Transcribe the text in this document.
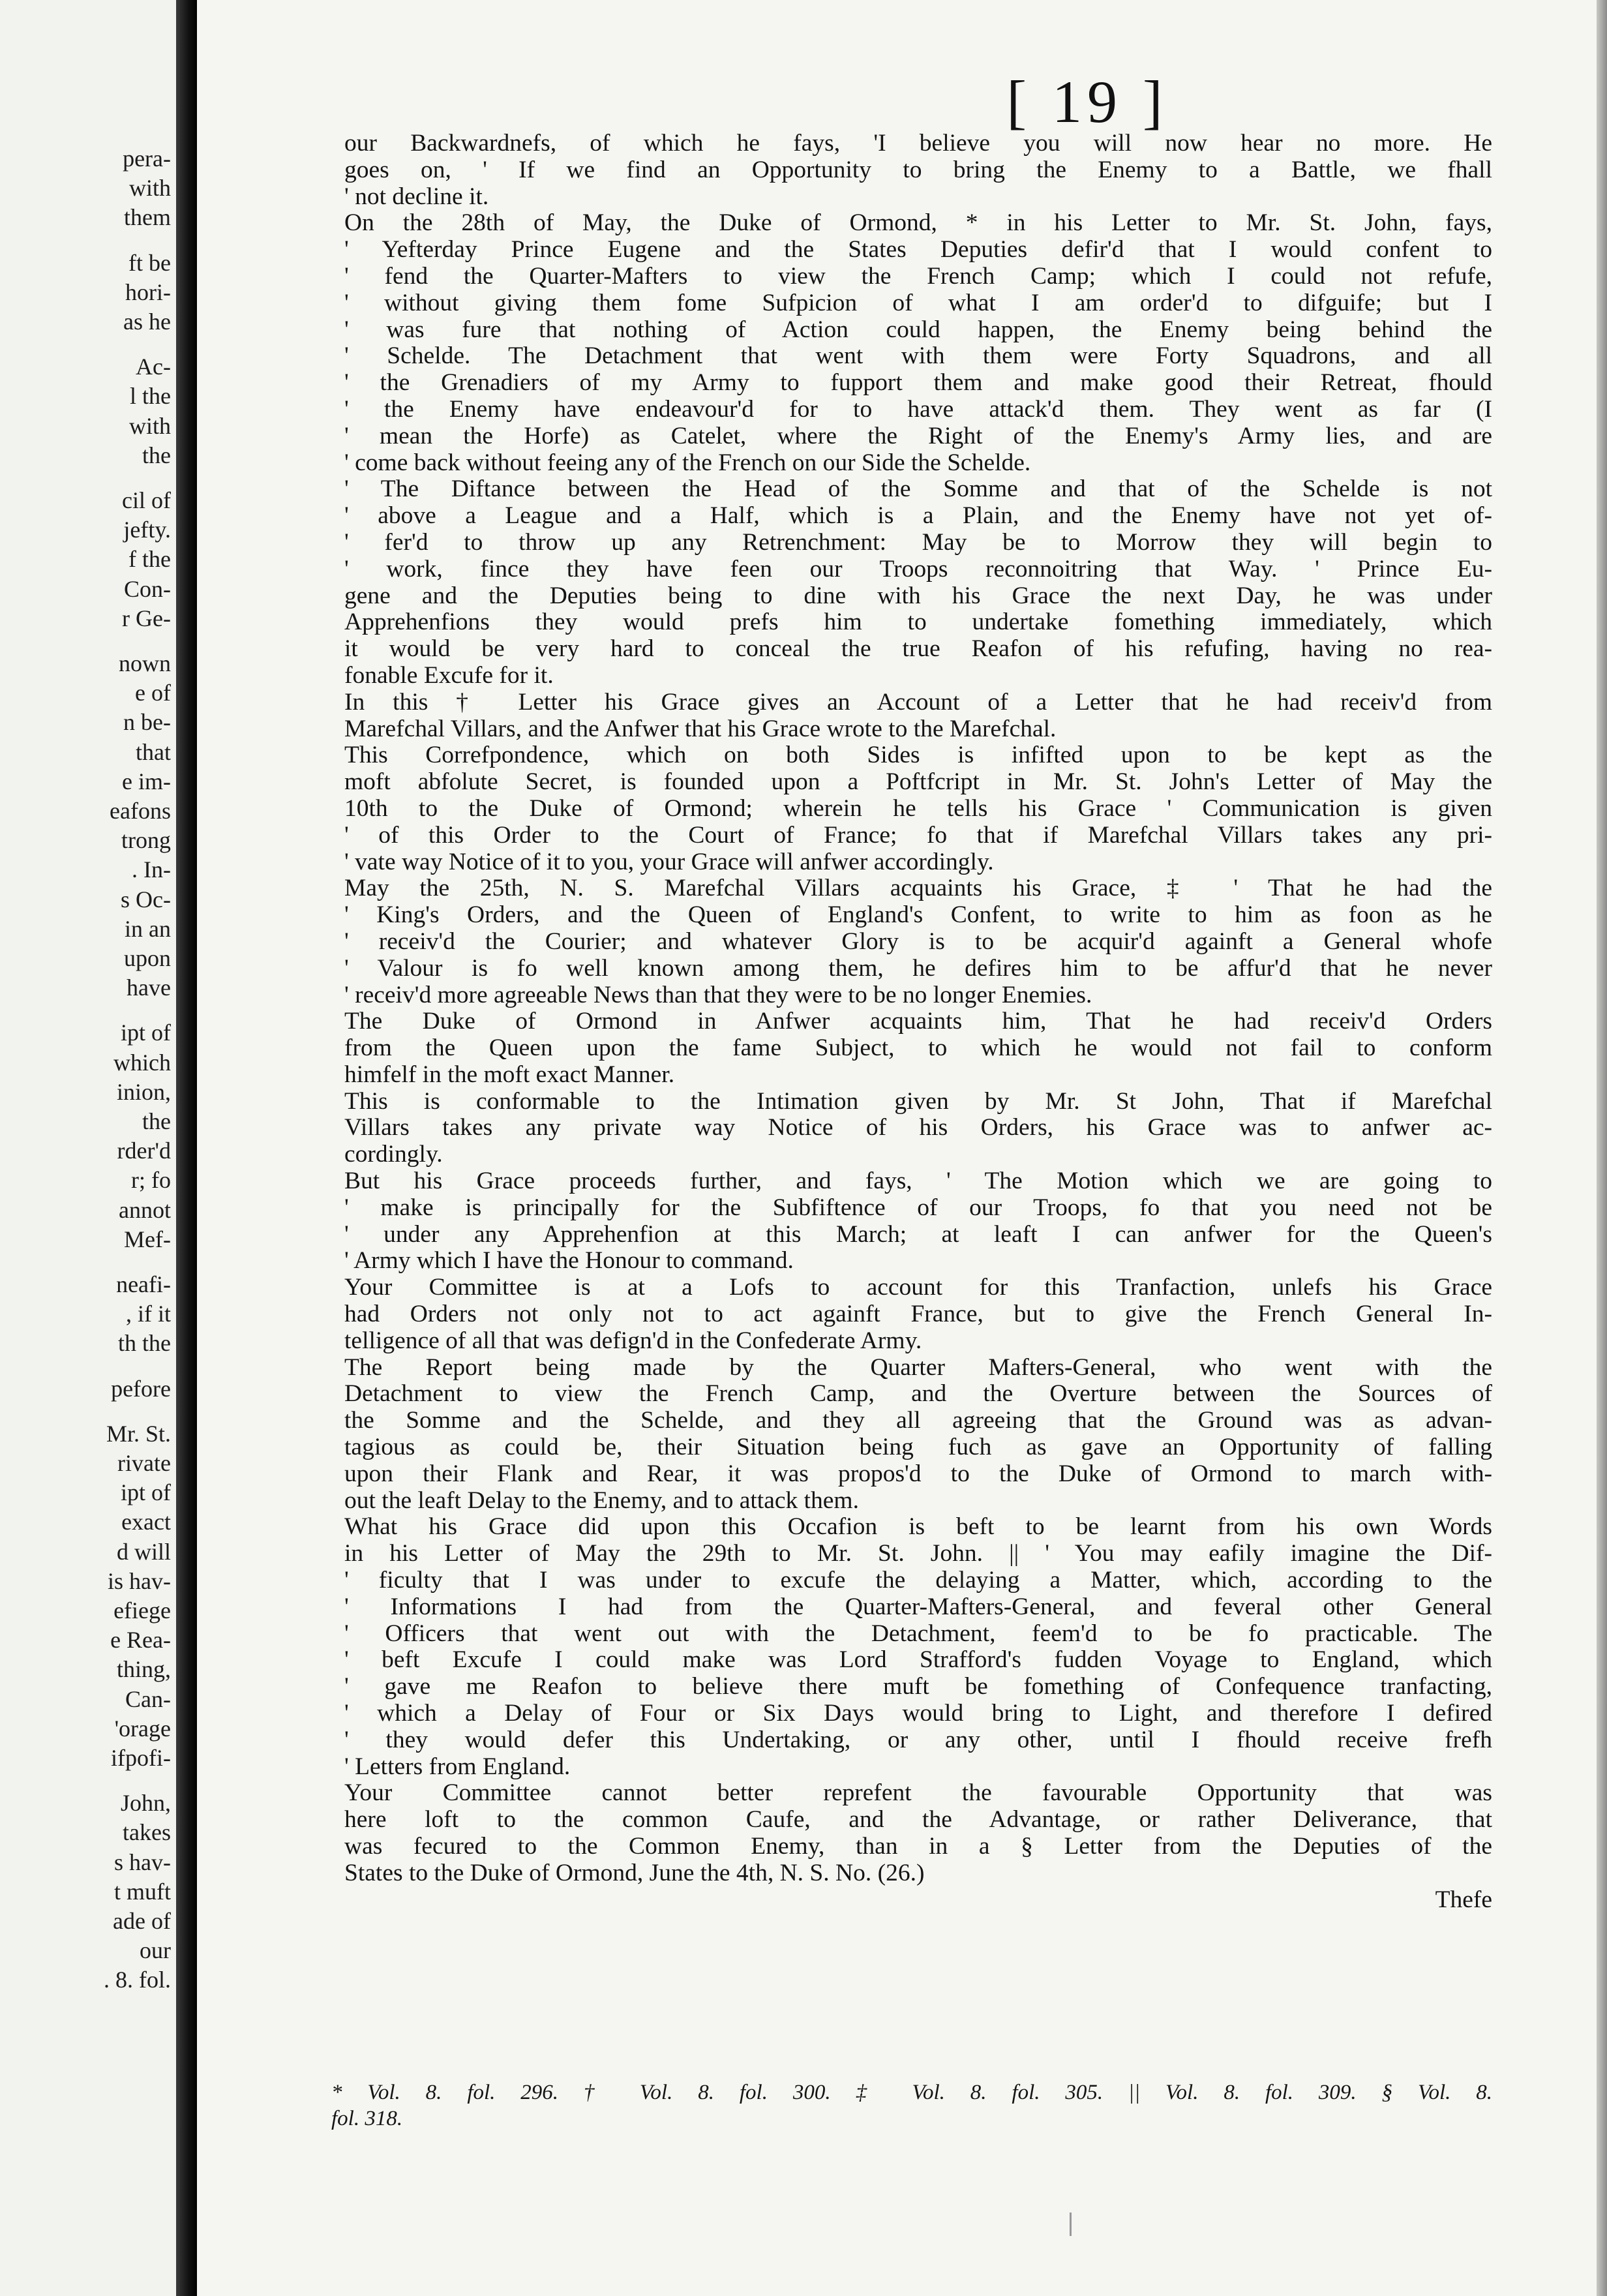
pera-
with
them
ft be
hori-
as he
Ac-
l the
with
the
cil of
jefty.
f the
Con-
r Ge-
nown
e of
n be-
that
e im-
eafons
trong
. In-
s Oc-
in an
upon
have
ipt of
which
inion,
the
rder'd
r; fo
annot
Mef-
neafi-
, if it
th the
pefore
Mr. St.
rivate
ipt of
exact
d will
is hav-
efiege
e Rea-
thing,
Can-
'orage
ifpofi-
John,
takes
s hav-
t muft
ade of
our
. 8. fol.
[ 19 ]
our Backwardnefs, of which he fays, 'I believe you will now hear no more. He
goes on, ' If we find an Opportunity to bring the Enemy to a Battle, we fhall
' not decline it.
On the 28th of May, the Duke of Ormond, * in his Letter to Mr. St. John, fays,
' Yefterday Prince Eugene and the States Deputies defir'd that I would confent to
' fend the Quarter-Mafters to view the French Camp; which I could not refufe,
' without giving them fome Sufpicion of what I am order'd to difguife; but I
' was fure that nothing of Action could happen, the Enemy being behind the
' Schelde. The Detachment that went with them were Forty Squadrons, and all
' the Grenadiers of my Army to fupport them and make good their Retreat, fhould
' the Enemy have endeavour'd for to have attack'd them. They went as far (I
' mean the Horfe) as Catelet, where the Right of the Enemy's Army lies, and are
' come back without feeing any of the French on our Side the Schelde.
' The Diftance between the Head of the Somme and that of the Schelde is not
' above a League and a Half, which is a Plain, and the Enemy have not yet of-
' fer'd to throw up any Retrenchment: May be to Morrow they will begin to
' work, fince they have feen our Troops reconnoitring that Way. ' Prince Eu-
gene and the Deputies being to dine with his Grace the next Day, he was under
Apprehenfions they would prefs him to undertake fomething immediately, which
it would be very hard to conceal the true Reafon of his refufing, having no rea-
fonable Excufe for it.
In this † Letter his Grace gives an Account of a Letter that he had receiv'd from
Marefchal Villars, and the Anfwer that his Grace wrote to the Marefchal.
This Correfpondence, which on both Sides is infifted upon to be kept as the
moft abfolute Secret, is founded upon a Poftfcript in Mr. St. John's Letter of May the
10th to the Duke of Ormond; wherein he tells his Grace ' Communication is given
' of this Order to the Court of France; fo that if Marefchal Villars takes any pri-
' vate way Notice of it to you, your Grace will anfwer accordingly.
May the 25th, N. S. Marefchal Villars acquaints his Grace, ‡ ' That he had the
' King's Orders, and the Queen of England's Confent, to write to him as foon as he
' receiv'd the Courier; and whatever Glory is to be acquir'd againft a General whofe
' Valour is fo well known among them, he defires him to be affur'd that he never
' receiv'd more agreeable News than that they were to be no longer Enemies.
The Duke of Ormond in Anfwer acquaints him, That he had receiv'd Orders
from the Queen upon the fame Subject, to which he would not fail to conform
himfelf in the moft exact Manner.
This is conformable to the Intimation given by Mr. St John, That if Marefchal
Villars takes any private way Notice of his Orders, his Grace was to anfwer ac-
cordingly.
But his Grace proceeds further, and fays, ' The Motion which we are going to
' make is principally for the Subfiftence of our Troops, fo that you need not be
' under any Apprehenfion at this March; at leaft I can anfwer for the Queen's
' Army which I have the Honour to command.
Your Committee is at a Lofs to account for this Tranfaction, unlefs his Grace
had Orders not only not to act againft France, but to give the French General In-
telligence of all that was defign'd in the Confederate Army.
The Report being made by the Quarter Mafters-General, who went with the
Detachment to view the French Camp, and the Overture between the Sources of
the Somme and the Schelde, and they all agreeing that the Ground was as advan-
tagious as could be, their Situation being fuch as gave an Opportunity of falling
upon their Flank and Rear, it was propos'd to the Duke of Ormond to march with-
out the leaft Delay to the Enemy, and to attack them.
What his Grace did upon this Occafion is beft to be learnt from his own Words
in his Letter of May the 29th to Mr. St. John. || ' You may eafily imagine the Dif-
' ficulty that I was under to excufe the delaying a Matter, which, according to the
' Informations I had from the Quarter-Mafters-General, and feveral other General
' Officers that went out with the Detachment, feem'd to be fo practicable. The
' beft Excufe I could make was Lord Strafford's fudden Voyage to England, which
' gave me Reafon to believe there muft be fomething of Confequence tranfacting,
' which a Delay of Four or Six Days would bring to Light, and therefore I defired
' they would defer this Undertaking, or any other, until I fhould receive frefh
' Letters from England.
Your Committee cannot better reprefent the favourable Opportunity that was
here loft to the common Caufe, and the Advantage, or rather Deliverance, that
was fecured to the Common Enemy, than in a § Letter from the Deputies of the
States to the Duke of Ormond, June the 4th, N. S. No. (26.)
Thefe
* Vol. 8. fol. 296. † Vol. 8. fol. 300. ‡ Vol. 8. fol. 305. || Vol. 8. fol. 309. § Vol. 8.
fol. 318.
